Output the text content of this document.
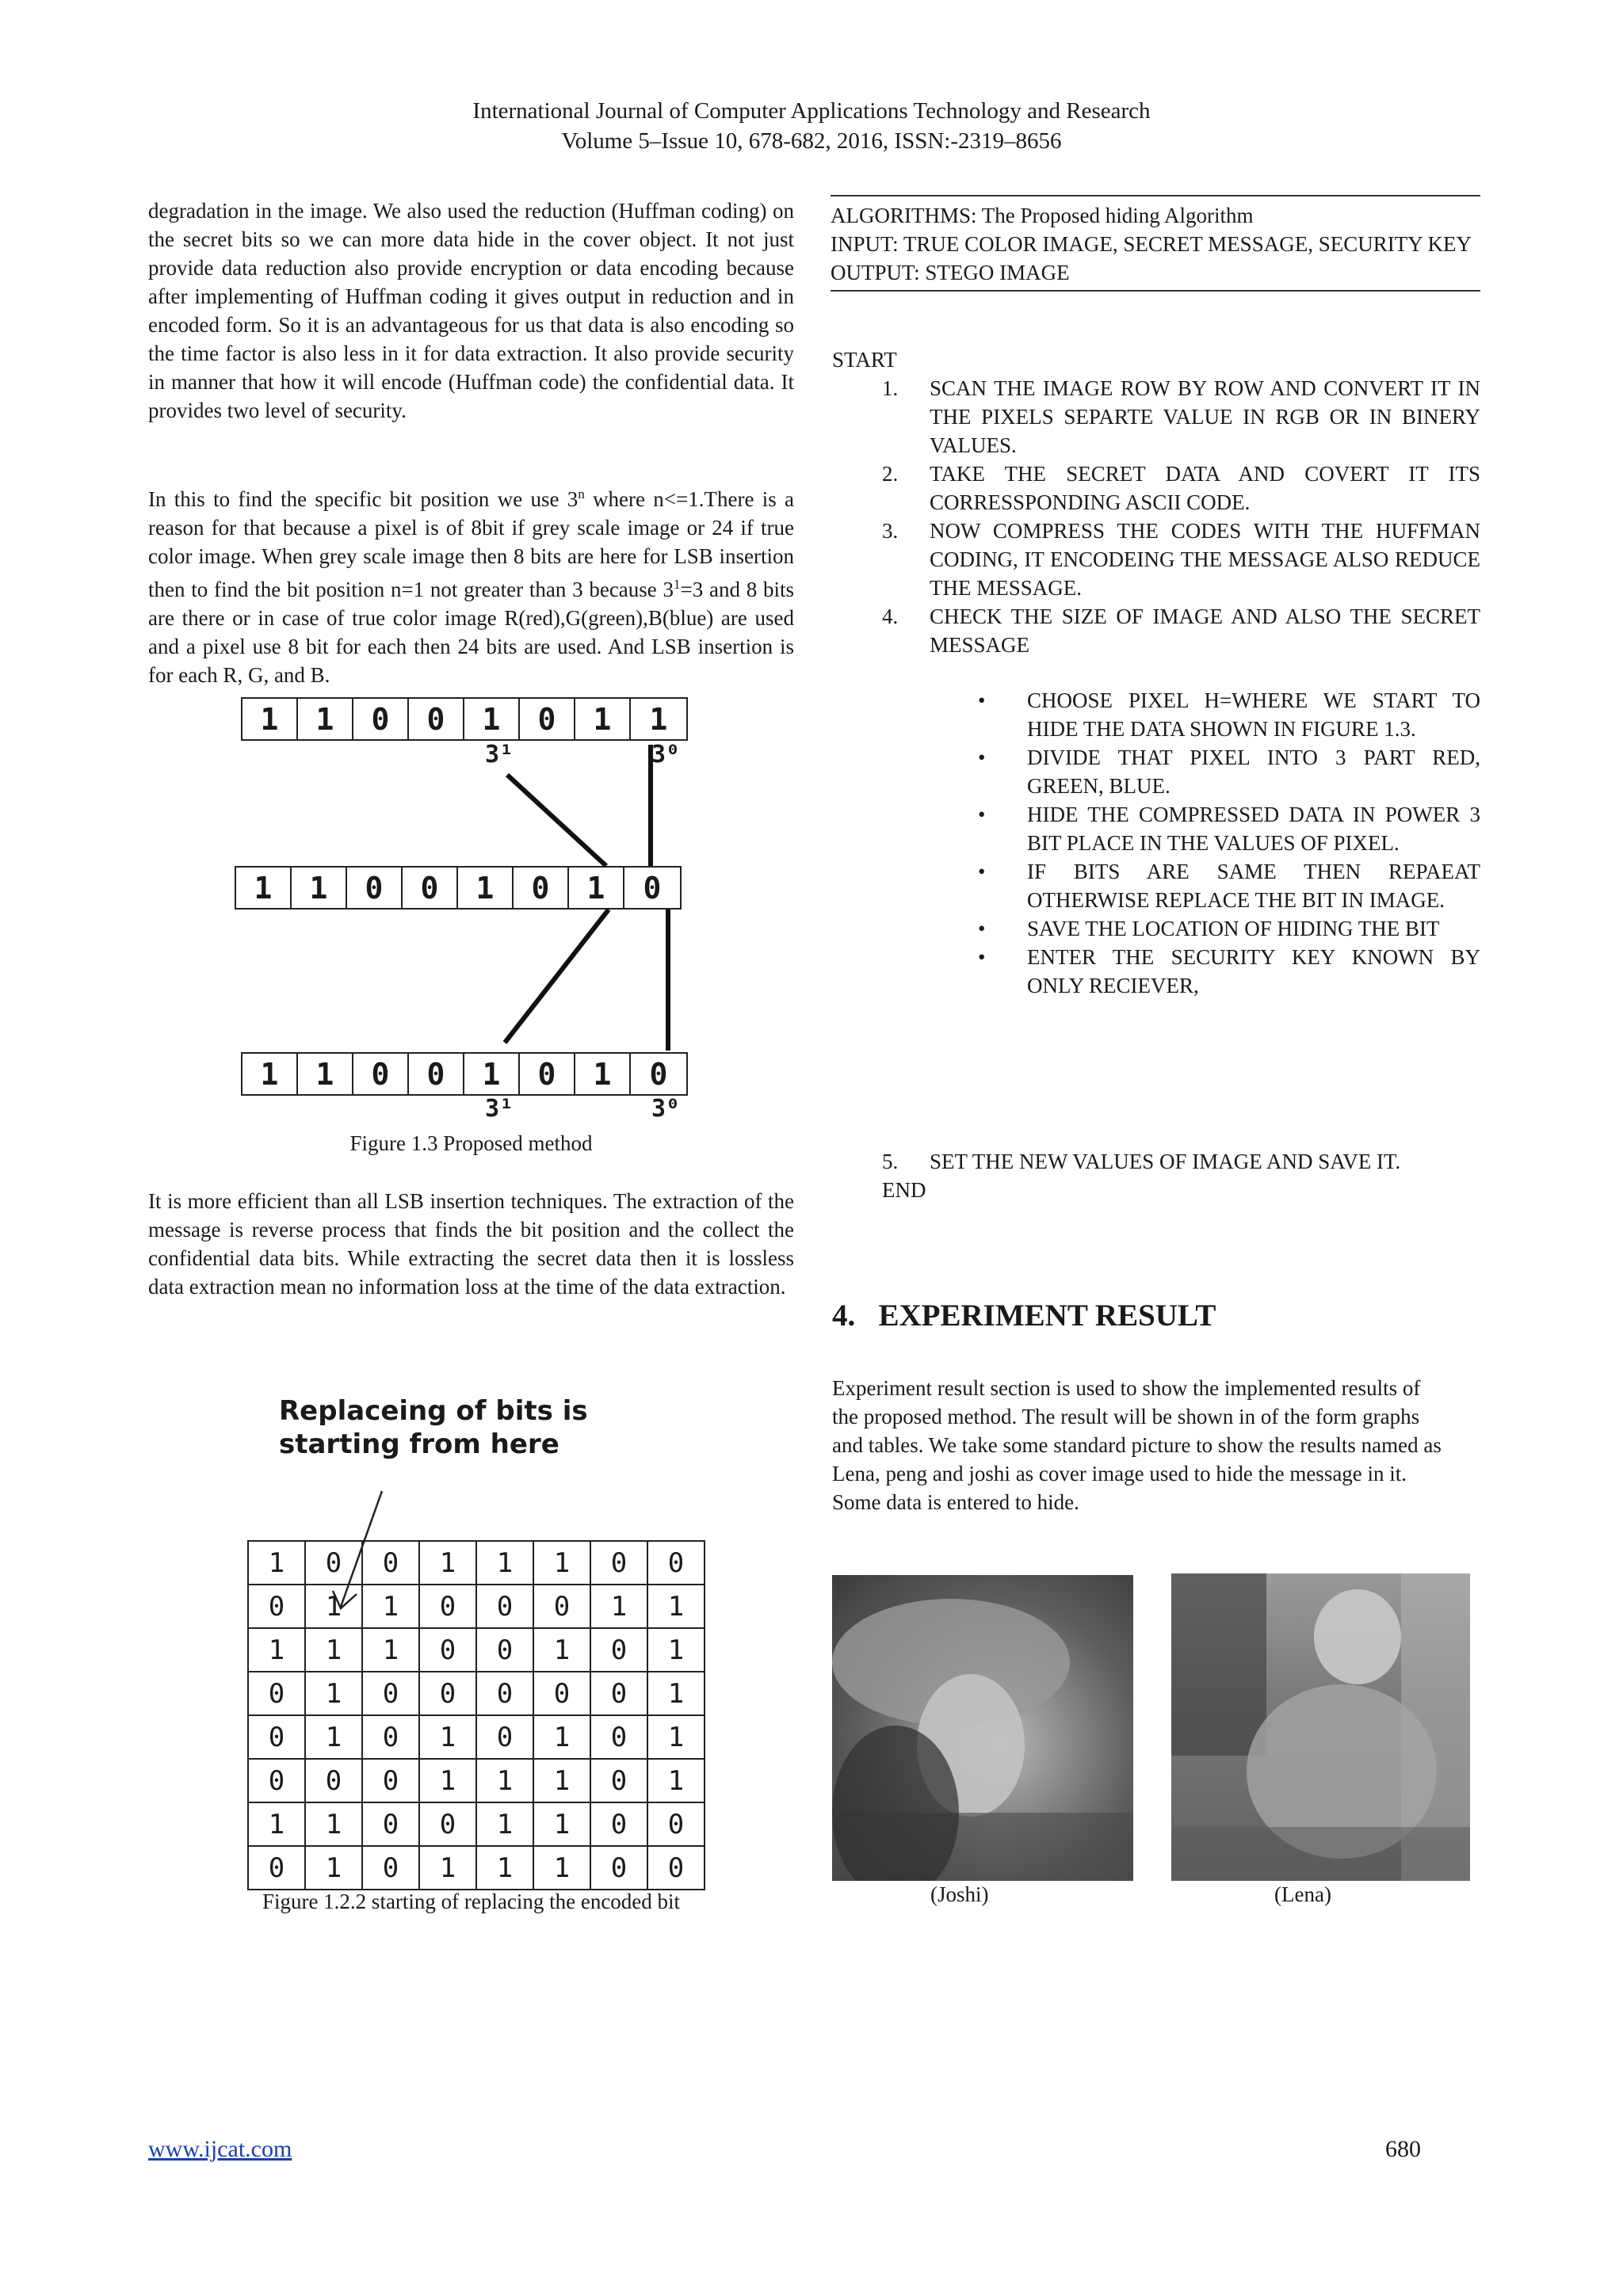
International Journal of Computer Applications Technology and Research
Volume 5–Issue 10, 678-682, 2016, ISSN:-2319–8656
degradation in the image. We also used the reduction (Huffman coding) on the secret bits so we can more data hide in the cover object. It not just provide data reduction also provide encryption or data encoding because after implementing of Huffman coding it gives output in reduction and in encoded form. So it is an advantageous for us that data is also encoding so the time factor is also less in it for data extraction. It also provide security in manner that how it will encode (Huffman code) the confidential data. It provides two level of security.
In this to find the specific bit position we use 3$^n$ where n<=1.There is a reason for that because a pixel is of 8bit if grey scale image or 24 if true color image. When grey scale image then 8 bits are here for LSB insertion then to find the bit position n=1 not greater than 3 because $3^1=3$ and 8 bits are there or in case of true color image R(red),G(green),B(blue) are used and a pixel use 8 bit for each then 24 bits are used. And LSB insertion is for each R, G, and B.
1	1	0	0	1	0	1	1
3¹	3⁰
1	1	0	0	1	0	1	0
1	1	0	0	1	0	1	0
3¹	3⁰
Figure 1.3 Proposed method
It is more efficient than all LSB insertion techniques. The extraction of the message is reverse process that finds the bit position and the collect the confidential data bits. While extracting the secret data then it is lossless data extraction mean no information loss at the time of the data extraction.
Replaceing of bits is
starting from here
1	0	0	1	1	1	0	0
0	1	1	0	0	0	1	1
1	1	1	0	0	1	0	1
0	1	0	0	0	0	0	1
0	1	0	1	0	1	0	1
0	0	0	1	1	1	0	1
1	1	0	0	1	1	0	0
0	1	0	1	1	1	0	0
Figure 1.2.2 starting of replacing the encoded bit
ALGORITHMS: The Proposed hiding Algorithm
INPUT: TRUE COLOR IMAGE, SECRET MESSAGE, SECURITY KEY
OUTPUT: STEGO IMAGE
START
1.	SCAN THE IMAGE ROW BY ROW AND CONVERT IT IN THE PIXELS SEPARTE VALUE IN RGB OR IN BINERY VALUES.
2.	TAKE THE SECRET DATA AND COVERT IT ITS CORRESSPONDING ASCII CODE.
3.	NOW COMPRESS THE CODES WITH THE HUFFMAN CODING, IT ENCODEING THE MESSAGE ALSO REDUCE THE MESSAGE.
4.	CHECK THE SIZE OF IMAGE AND ALSO THE SECRET MESSAGE
•	CHOOSE PIXEL H=WHERE WE START TO HIDE THE DATA SHOWN IN FIGURE 1.3.
•	DIVIDE THAT PIXEL INTO 3 PART RED, GREEN, BLUE.
•	HIDE THE COMPRESSED DATA IN POWER 3 BIT PLACE IN THE VALUES OF PIXEL.
•	IF BITS ARE SAME THEN REPAEAT OTHERWISE REPLACE THE BIT IN IMAGE.
•	SAVE THE LOCATION OF HIDING THE BIT
•	ENTER THE SECURITY KEY KNOWN BY ONLY RECIEVER,
5.	SET THE NEW VALUES OF IMAGE AND SAVE IT.
END
4.   EXPERIMENT RESULT
Experiment result section is used to show the implemented results of the proposed method. The result will be shown in of the form graphs and tables. We take some standard picture to show the results named as Lena, peng and joshi as cover image used to hide the message in it. Some data is entered to hide.
(Joshi)	(Lena)
www.ijcat.com	680
